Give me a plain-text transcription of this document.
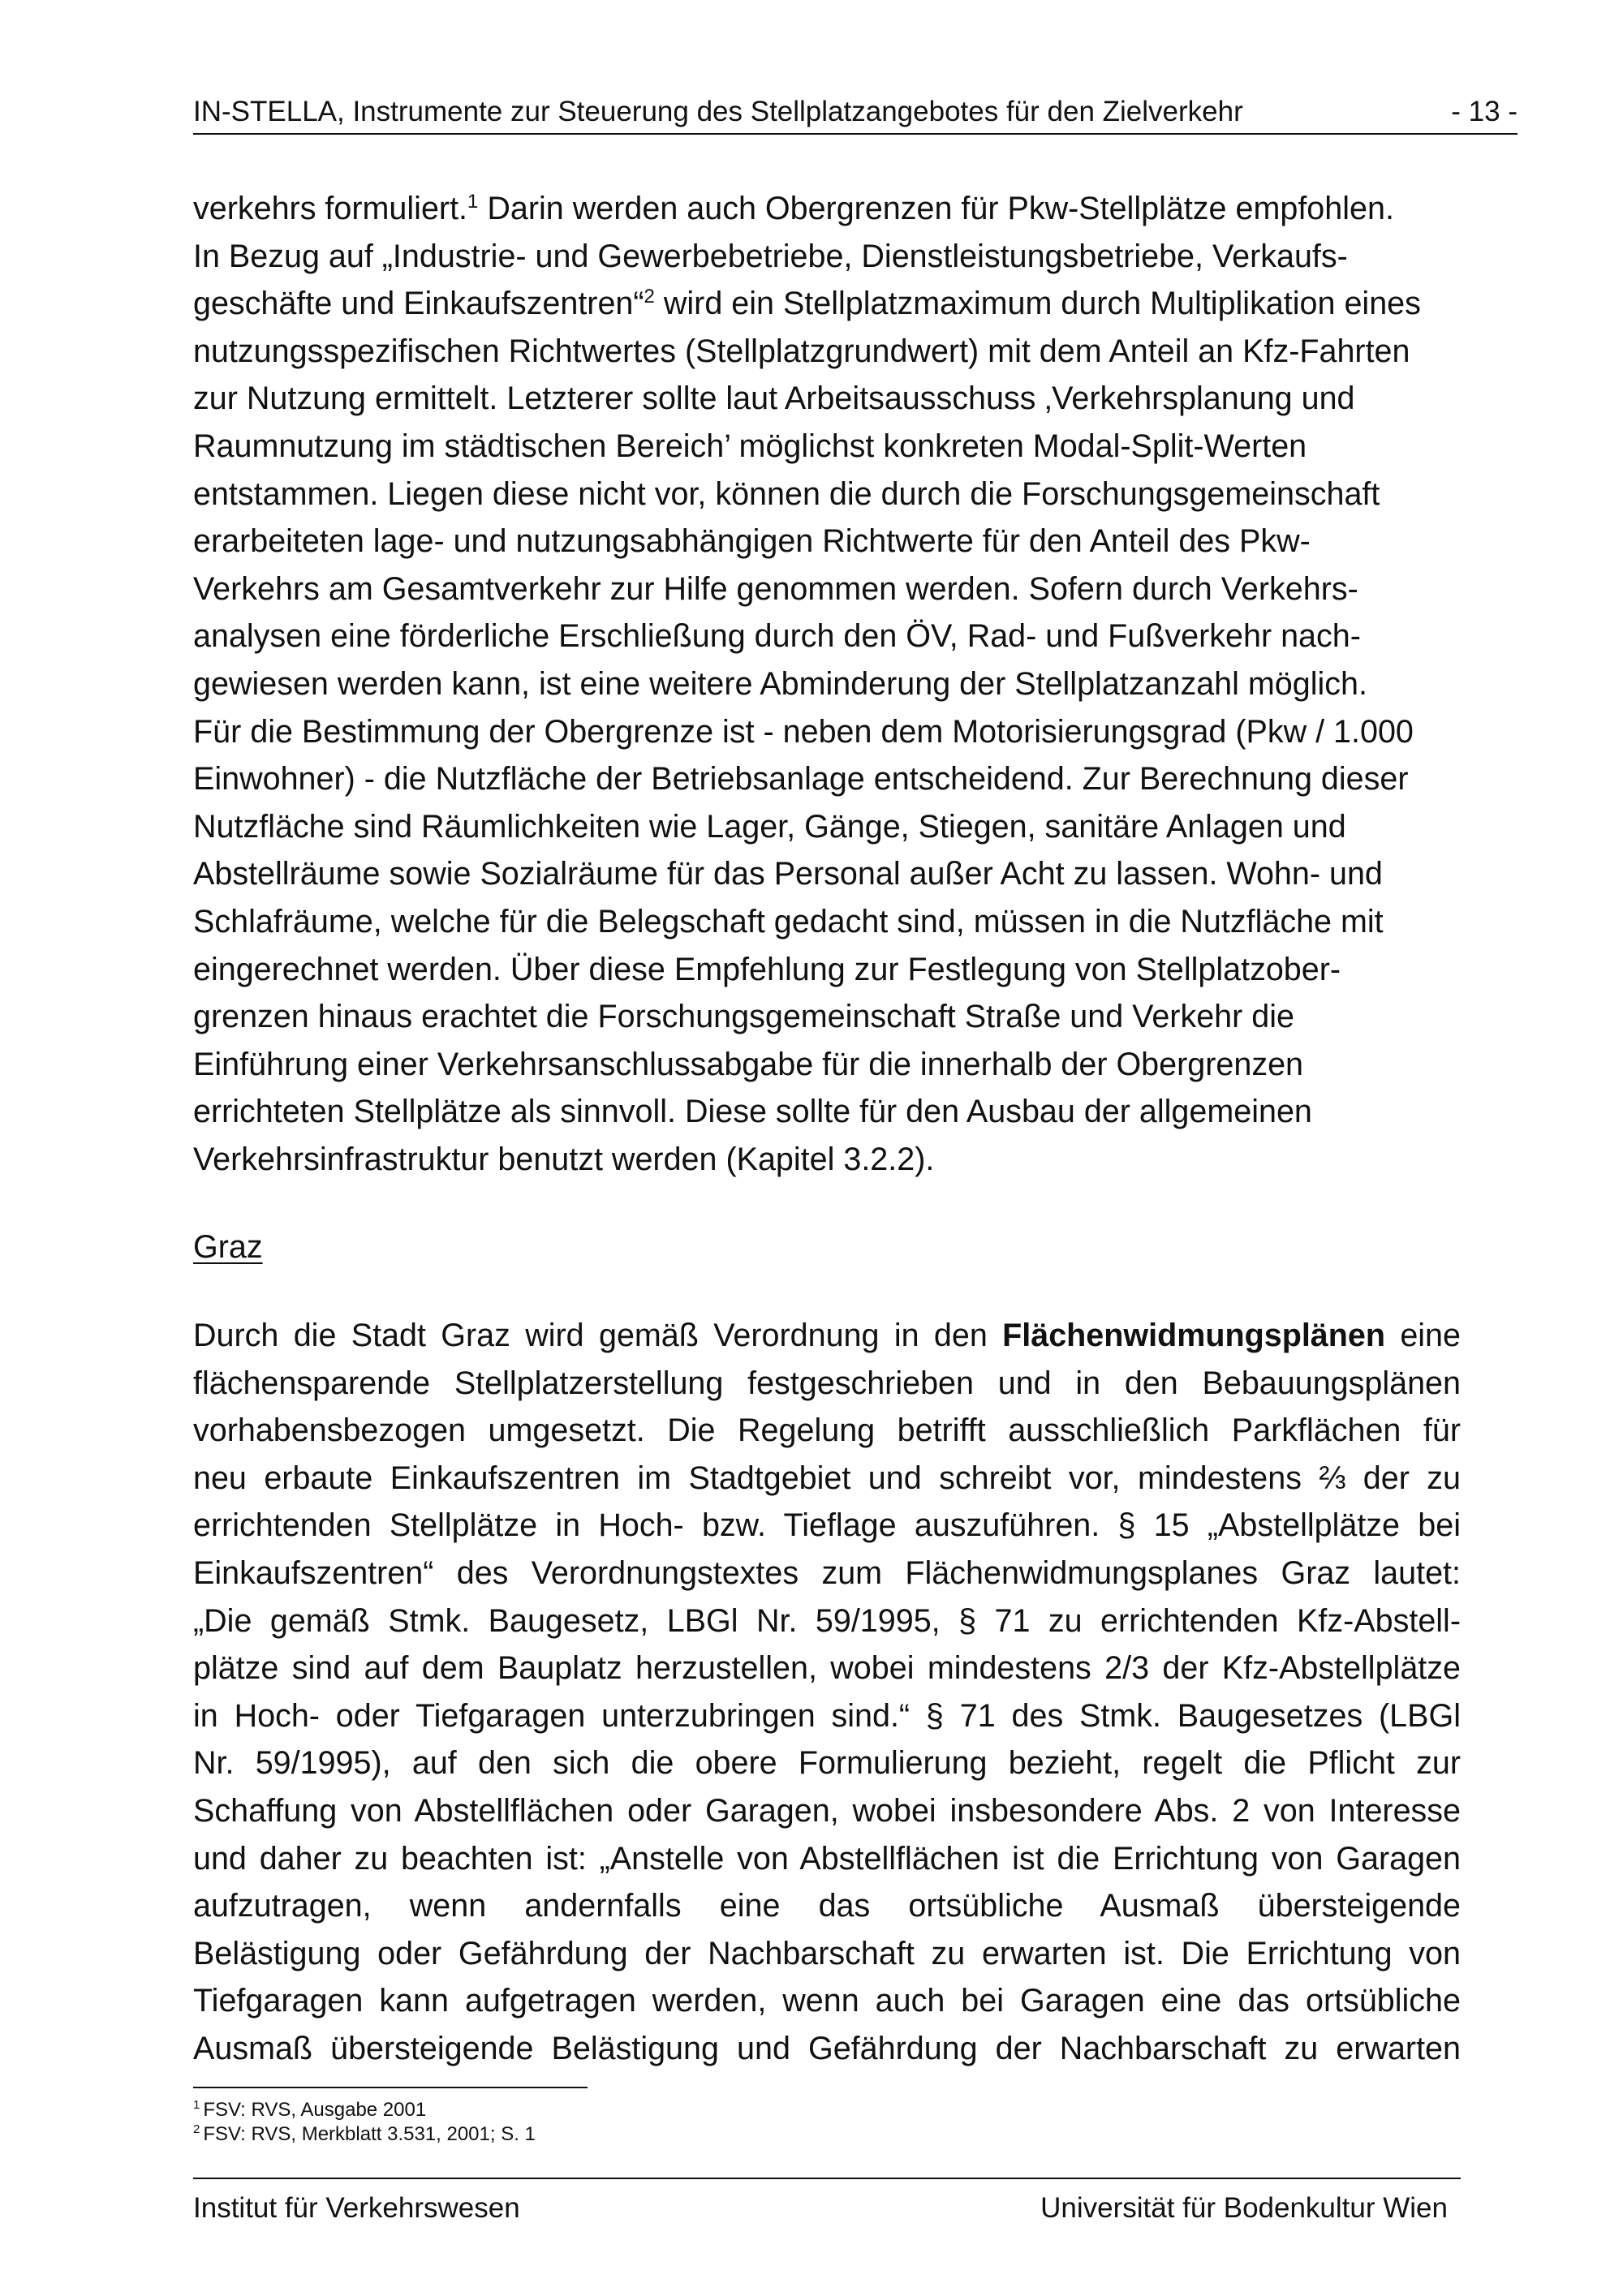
IN-STELLA, Instrumente zur Steuerung des Stellplatzangebotes für den Zielverkehr	- 13 -

verkehrs formuliert.$^1$ Darin werden auch Obergrenzen für Pkw-Stellplätze empfohlen.
In Bezug auf „Industrie- und Gewerbebetriebe, Dienstleistungsbetriebe, Verkaufs-
geschäfte und Einkaufszentren“$^2$ wird ein Stellplatzmaximum durch Multiplikation eines
nutzungsspezifischen Richtwertes (Stellplatzgrundwert) mit dem Anteil an Kfz-Fahrten
zur Nutzung ermittelt. Letzterer sollte laut Arbeitsausschuss ‚Verkehrsplanung und
Raumnutzung im städtischen Bereich’ möglichst konkreten Modal-Split-Werten
entstammen. Liegen diese nicht vor, können die durch die Forschungsgemeinschaft
erarbeiteten lage- und nutzungsabhängigen Richtwerte für den Anteil des Pkw-
Verkehrs am Gesamtverkehr zur Hilfe genommen werden. Sofern durch Verkehrs-
analysen eine förderliche Erschließung durch den ÖV, Rad- und Fußverkehr nach-
gewiesen werden kann, ist eine weitere Abminderung der Stellplatzanzahl möglich.
Für die Bestimmung der Obergrenze ist - neben dem Motorisierungsgrad (Pkw / 1.000
Einwohner) - die Nutzfläche der Betriebsanlage entscheidend. Zur Berechnung dieser
Nutzfläche sind Räumlichkeiten wie Lager, Gänge, Stiegen, sanitäre Anlagen und
Abstellräume sowie Sozialräume für das Personal außer Acht zu lassen. Wohn- und
Schlafräume, welche für die Belegschaft gedacht sind, müssen in die Nutzfläche mit
eingerechnet werden. Über diese Empfehlung zur Festlegung von Stellplatzober-
grenzen hinaus erachtet die Forschungsgemeinschaft Straße und Verkehr die
Einführung einer Verkehrsanschlussabgabe für die innerhalb der Obergrenzen
errichteten Stellplätze als sinnvoll. Diese sollte für den Ausbau der allgemeinen
Verkehrsinfrastruktur benutzt werden (Kapitel 3.2.2).

Graz

Durch die Stadt Graz wird gemäß Verordnung in den Flächenwidmungsplänen eine
flächensparende Stellplatzerstellung festgeschrieben und in den Bebauungsplänen
vorhabensbezogen umgesetzt. Die Regelung betrifft ausschließlich Parkflächen für
neu erbaute Einkaufszentren im Stadtgebiet und schreibt vor, mindestens ⅔ der zu
errichtenden Stellplätze in Hoch- bzw. Tieflage auszuführen. § 15 „Abstellplätze bei
Einkaufszentren“ des Verordnungstextes zum Flächenwidmungsplanes Graz lautet:
„Die gemäß Stmk. Baugesetz, LBGl Nr. 59/1995, § 71 zu errichtenden Kfz-Abstell-
plätze sind auf dem Bauplatz herzustellen, wobei mindestens 2/3 der Kfz-Abstellplätze
in Hoch- oder Tiefgaragen unterzubringen sind.“ § 71 des Stmk. Baugesetzes (LBGl
Nr. 59/1995), auf den sich die obere Formulierung bezieht, regelt die Pflicht zur
Schaffung von Abstellflächen oder Garagen, wobei insbesondere Abs. 2 von Interesse
und daher zu beachten ist: „Anstelle von Abstellflächen ist die Errichtung von Garagen
aufzutragen, wenn andernfalls eine das ortsübliche Ausmaß übersteigende
Belästigung oder Gefährdung der Nachbarschaft zu erwarten ist. Die Errichtung von
Tiefgaragen kann aufgetragen werden, wenn auch bei Garagen eine das ortsübliche
Ausmaß übersteigende Belästigung und Gefährdung der Nachbarschaft zu erwarten

$^1$ FSV: RVS, Ausgabe 2001
$^2$ FSV: RVS, Merkblatt 3.531, 2001; S. 1
Institut für Verkehrswesen	Universität für Bodenkultur Wien
